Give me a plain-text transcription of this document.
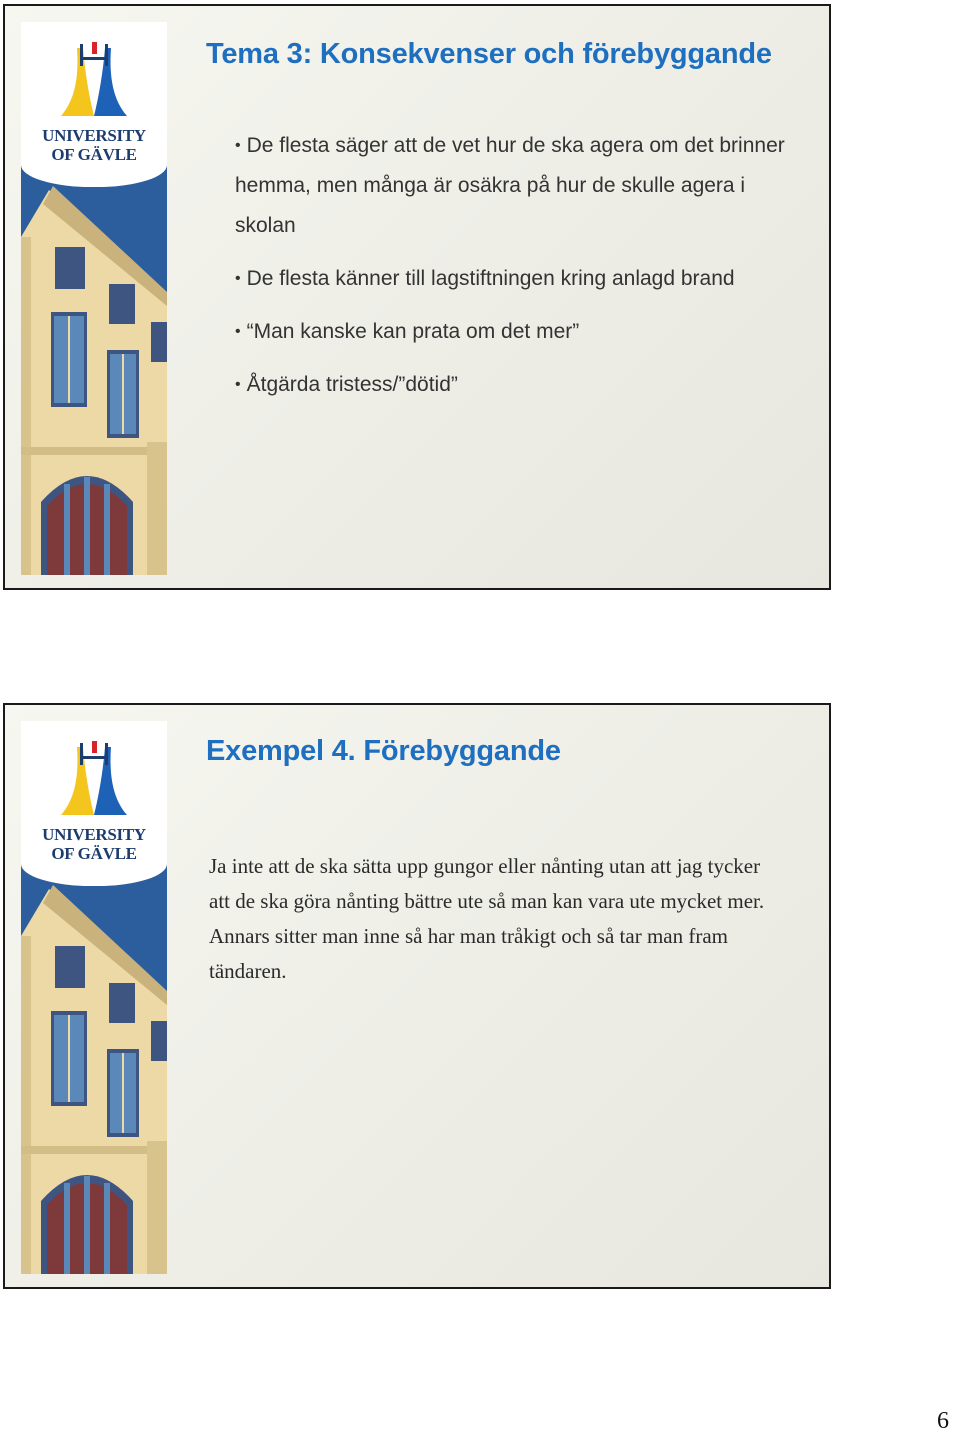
UNIVERSITY
OF GÄVLE
Tema 3: Konsekvenser och förebyggande
• De flesta säger att de vet hur de ska agera om det brinner hemma, men många är osäkra på hur de skulle agera i skolan
• De flesta känner till lagstiftningen kring anlagd brand
• “Man kanske kan prata om det mer”
• Åtgärda tristess/”dötid”
UNIVERSITY
OF GÄVLE
Exempel 4. Förebyggande
Ja inte att de ska sätta upp gungor eller nånting utan att jag tycker att de ska göra nånting bättre ute så man kan vara ute mycket mer. Annars sitter man inne så har man tråkigt och så tar man fram tändaren.
6
